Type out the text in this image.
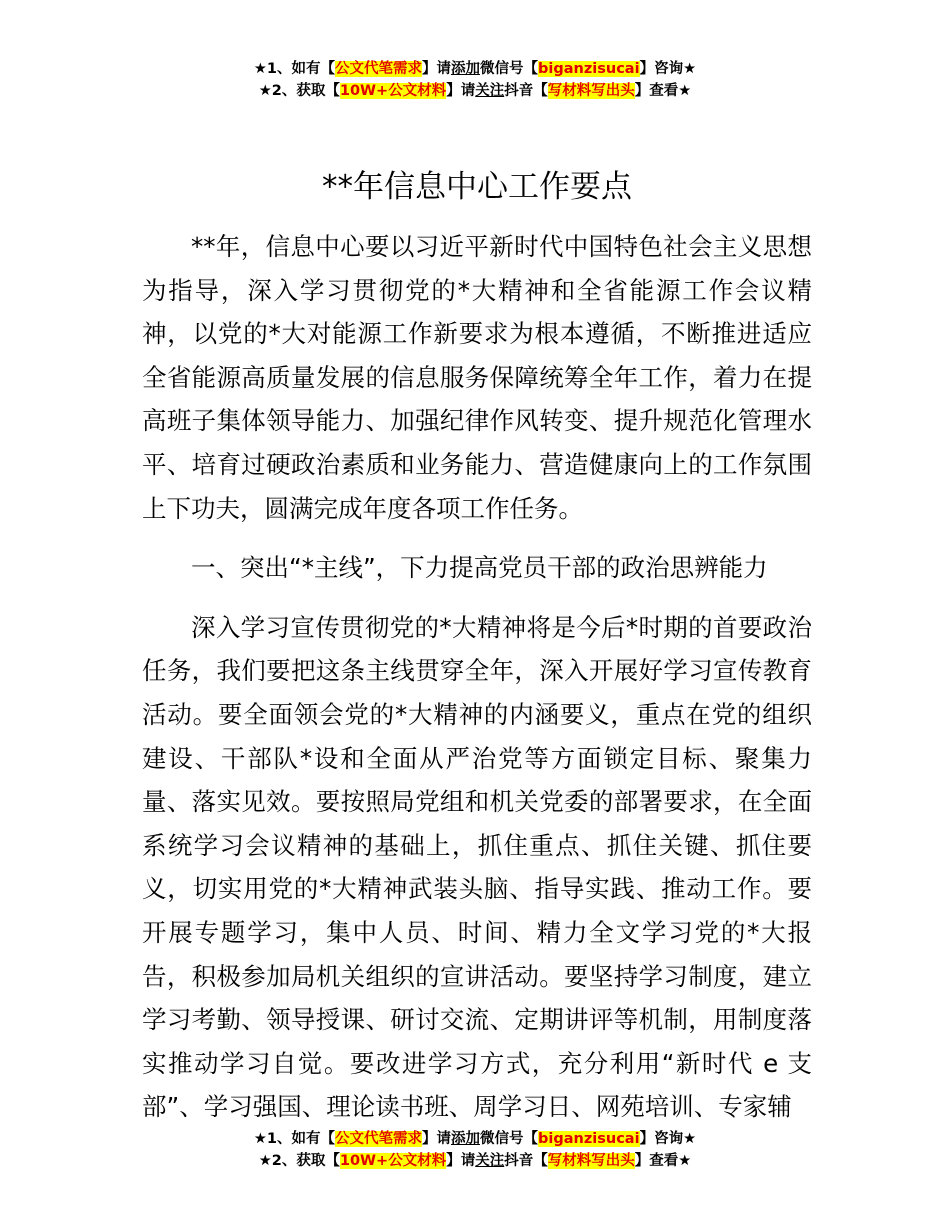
★1、如有【公文代笔需求】请添加微信号【biganzisucai】咨询★
★2、获取【10W+公文材料】请关注抖音【写材料写出头】查看★
**年信息中心工作要点

**年，信息中心要以习近平新时代中国特色社会主义思想为指导，深入学习贯彻党的*大精神和全省能源工作会议精神，以党的*大对能源工作新要求为根本遵循，不断推进适应全省能源高质量发展的信息服务保障统筹全年工作，着力在提高班子集体领导能力、加强纪律作风转变、提升规范化管理水平、培育过硬政治素质和业务能力、营造健康向上的工作氛围上下功夫，圆满完成年度各项工作任务。

一、突出“*主线”，下力提高党员干部的政治思辨能力

深入学习宣传贯彻党的*大精神将是今后*时期的首要政治任务，我们要把这条主线贯穿全年，深入开展好学习宣传教育活动。要全面领会党的*大精神的内涵要义，重点在党的组织建设、干部队*设和全面从严治党等方面锁定目标、聚集力量、落实见效。要按照局党组和机关党委的部署要求，在全面系统学习会议精神的基础上，抓住重点、抓住关键、抓住要义，切实用党的*大精神武装头脑、指导实践、推动工作。要开展专题学习，集中人员、时间、精力全文学习党的*大报告，积极参加局机关组织的宣讲活动。要坚持学习制度，建立学习考勤、领导授课、研讨交流、定期讲评等机制，用制度落实推动学习自觉。要改进学习方式，充分利用“新时代 e 支部”、学习强国、理论读书班、周学习日、网苑培训、专家辅

★1、如有【公文代笔需求】请添加微信号【biganzisucai】咨询★
★2、获取【10W+公文材料】请关注抖音【写材料写出头】查看★
